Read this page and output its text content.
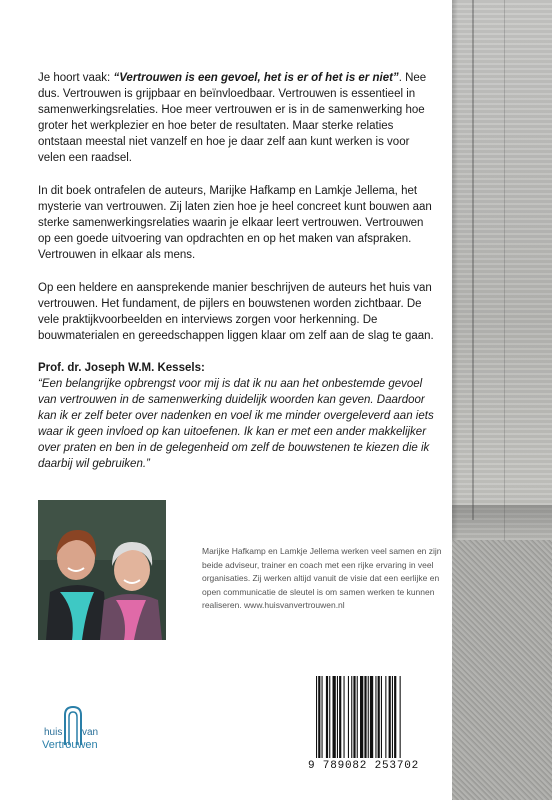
Je hoort vaak: “Vertrouwen is een gevoel, het is er of het is er niet”. Nee dus. Vertrouwen is grijpbaar en beïnvloedbaar. Vertrouwen is essentieel in samenwerkingsrelaties. Hoe meer vertrouwen er is in de samenwerking hoe groter het werkplezier en hoe beter de resultaten. Maar sterke relaties ontstaan meestal niet vanzelf en hoe je daar zelf aan kunt werken is voor velen een raadsel.

In dit boek ontrafelen de auteurs, Marijke Hafkamp en Lamkje Jellema, het mysterie van vertrouwen. Zij laten zien hoe je heel concreet kunt bouwen aan sterke samenwerkingsrelaties waarin je elkaar leert vertrouwen. Vertrouwen op een goede uitvoering van opdrachten en op het maken van afspraken. Vertrouwen in elkaar als mens.

Op een heldere en aansprekende manier beschrijven de auteurs het huis van vertrouwen. Het fundament, de pijlers en bouwstenen worden zichtbaar. De vele praktijkvoorbeelden en interviews zorgen voor herkenning. De bouwmaterialen en gereedschappen liggen klaar om zelf aan de slag te gaan.

Prof. dr. Joseph W.M. Kessels:

“Een belangrijke opbrengst voor mij is dat ik nu aan het onbestemde gevoel van vertrouwen in de samenwerking duidelijk woorden kan geven. Daardoor kan ik er zelf beter over nadenken en voel ik me minder overgeleverd aan iets waar ik geen invloed op kan uitoefenen. Ik kan er met een ander makkelijker over praten en ben in de gelegenheid om zelf de bouwstenen te kiezen die ik daarbij wil gebruiken.”

Marijke Hafkamp en Lamkje Jellema werken veel samen en zijn beide adviseur, trainer en coach met een rijke ervaring in veel organisaties. Zij werken altijd vanuit de visie dat een eerlijke en open communicatie de sleutel is om samen werken te kunnen realiseren. www.huisvanvertrouwen.nl

huis van
Vertrouwen
9 789082 253702
